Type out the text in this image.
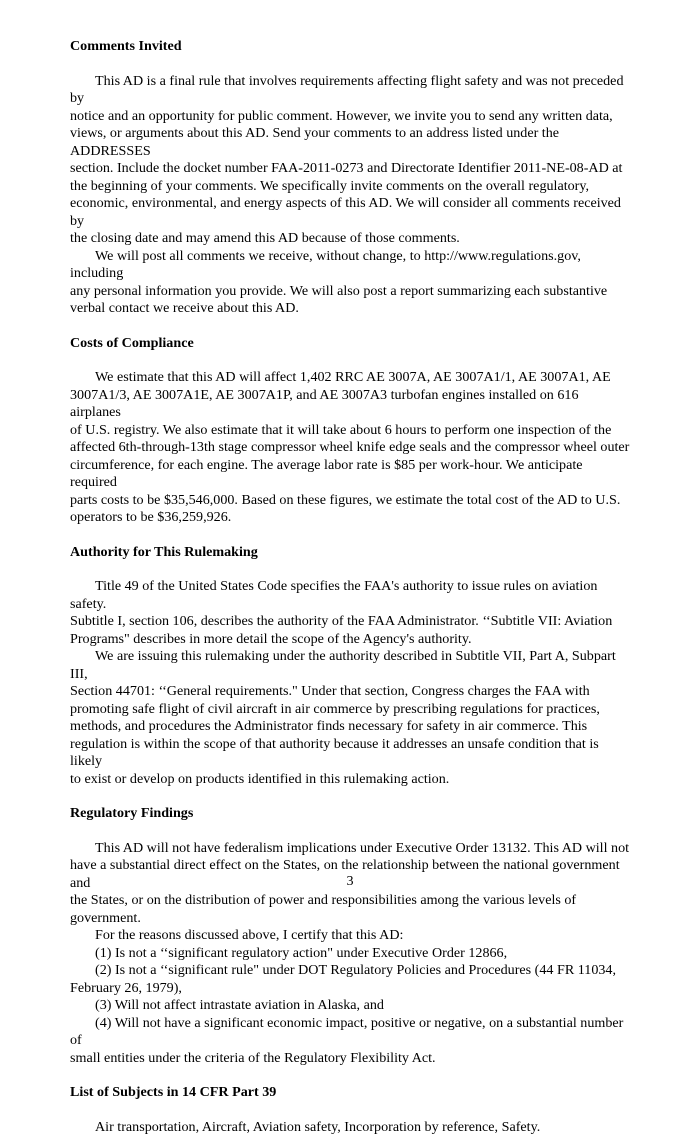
Comments Invited

This AD is a final rule that involves requirements affecting flight safety and was not preceded by
notice and an opportunity for public comment. However, we invite you to send any written data,
views, or arguments about this AD. Send your comments to an address listed under the ADDRESSES
section. Include the docket number FAA-2011-0273 and Directorate Identifier 2011-NE-08-AD at
the beginning of your comments. We specifically invite comments on the overall regulatory,
economic, environmental, and energy aspects of this AD. We will consider all comments received by
the closing date and may amend this AD because of those comments.

We will post all comments we receive, without change, to http://www.regulations.gov, including
any personal information you provide. We will also post a report summarizing each substantive
verbal contact we receive about this AD.

Costs of Compliance

We estimate that this AD will affect 1,402 RRC AE 3007A, AE 3007A1/1, AE 3007A1, AE
3007A1/3, AE 3007A1E, AE 3007A1P, and AE 3007A3 turbofan engines installed on 616 airplanes
of U.S. registry. We also estimate that it will take about 6 hours to perform one inspection of the
affected 6th-through-13th stage compressor wheel knife edge seals and the compressor wheel outer
circumference, for each engine. The average labor rate is $85 per work-hour. We anticipate required
parts costs to be $35,546,000. Based on these figures, we estimate the total cost of the AD to U.S.
operators to be $36,259,926.

Authority for This Rulemaking

Title 49 of the United States Code specifies the FAA's authority to issue rules on aviation safety.
Subtitle I, section 106, describes the authority of the FAA Administrator. ‘‘Subtitle VII: Aviation
Programs" describes in more detail the scope of the Agency's authority.

We are issuing this rulemaking under the authority described in Subtitle VII, Part A, Subpart III,
Section 44701: ‘‘General requirements." Under that section, Congress charges the FAA with
promoting safe flight of civil aircraft in air commerce by prescribing regulations for practices,
methods, and procedures the Administrator finds necessary for safety in air commerce. This
regulation is within the scope of that authority because it addresses an unsafe condition that is likely
to exist or develop on products identified in this rulemaking action.

Regulatory Findings

This AD will not have federalism implications under Executive Order 13132. This AD will not
have a substantial direct effect on the States, on the relationship between the national government and
the States, or on the distribution of power and responsibilities among the various levels of
government.

For the reasons discussed above, I certify that this AD:

(1) Is not a ‘‘significant regulatory action" under Executive Order 12866,

(2) Is not a ‘‘significant rule" under DOT Regulatory Policies and Procedures (44 FR 11034,
February 26, 1979),

(3) Will not affect intrastate aviation in Alaska, and

(4) Will not have a significant economic impact, positive or negative, on a substantial number of
small entities under the criteria of the Regulatory Flexibility Act.

List of Subjects in 14 CFR Part 39

Air transportation, Aircraft, Aviation safety, Incorporation by reference, Safety.

3
